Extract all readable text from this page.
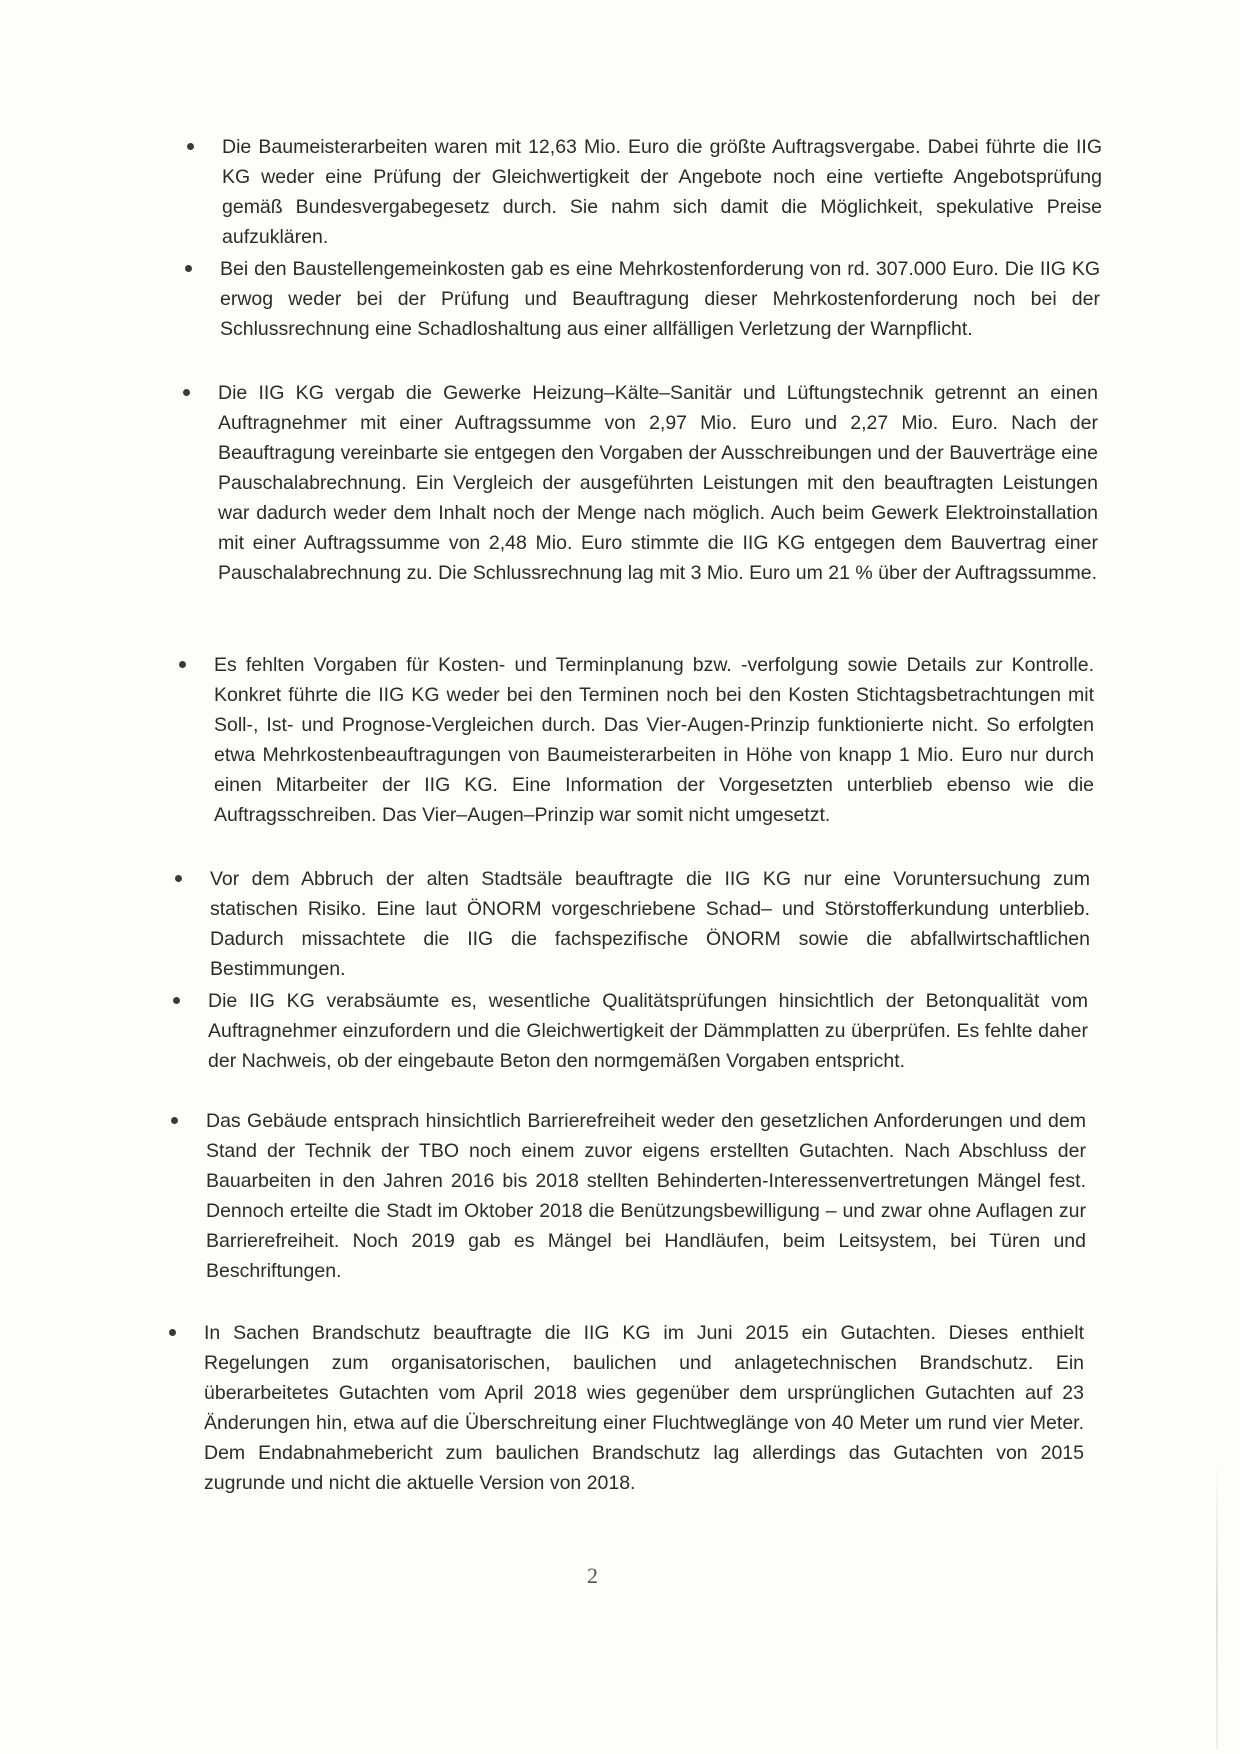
Die Baumeisterarbeiten waren mit 12,63 Mio. Euro die größte Auftragsvergabe. Dabei führte die IIG KG weder eine Prüfung der Gleichwertigkeit der Angebote noch eine vertiefte Angebotsprüfung gemäß Bundesvergabegesetz durch. Sie nahm sich damit die Möglichkeit, spekulative Preise aufzuklären.
Bei den Baustellengemeinkosten gab es eine Mehrkostenforderung von rd. 307.000 Euro. Die IIG KG erwog weder bei der Prüfung und Beauftragung dieser Mehrkostenforderung noch bei der Schlussrechnung eine Schadloshaltung aus einer allfälligen Verletzung der Warnpflicht.
Die IIG KG vergab die Gewerke Heizung–Kälte–Sanitär und Lüftungstechnik getrennt an einen Auftragnehmer mit einer Auftragssumme von 2,97 Mio. Euro und 2,27 Mio. Euro. Nach der Beauftragung vereinbarte sie entgegen den Vorgaben der Ausschreibungen und der Bauverträge eine Pauschalabrechnung. Ein Vergleich der ausgeführten Leistungen mit den beauftragten Leistungen war dadurch weder dem Inhalt noch der Menge nach möglich. Auch beim Gewerk Elektroinstallation mit einer Auftragssumme von 2,48 Mio. Euro stimmte die IIG KG entgegen dem Bauvertrag einer Pauschalabrechnung zu. Die Schlussrechnung lag mit 3 Mio. Euro um 21 % über der Auftragssumme.
Es fehlten Vorgaben für Kosten- und Terminplanung bzw. -verfolgung sowie Details zur Kontrolle. Konkret führte die IIG KG weder bei den Terminen noch bei den Kosten Stichtagsbetrachtungen mit Soll-, Ist- und Prognose-Vergleichen durch. Das Vier-Augen-Prinzip funktionierte nicht. So erfolgten etwa Mehrkostenbeauftragungen von Baumeisterarbeiten in Höhe von knapp 1 Mio. Euro nur durch einen Mitarbeiter der IIG KG. Eine Information der Vorgesetzten unterblieb ebenso wie die Auftragsschreiben. Das Vier–Augen–Prinzip war somit nicht umgesetzt.
Vor dem Abbruch der alten Stadtsäle beauftragte die IIG KG nur eine Voruntersuchung zum statischen Risiko. Eine laut ÖNORM vorgeschriebene Schad– und Störstofferkundung unterblieb. Dadurch missachtete die IIG die fachspezifische ÖNORM sowie die abfallwirtschaftlichen Bestimmungen.
Die IIG KG verabsäumte es, wesentliche Qualitätsprüfungen hinsichtlich der Betonqualität vom Auftragnehmer einzufordern und die Gleichwertigkeit der Dämmplatten zu überprüfen. Es fehlte daher der Nachweis, ob der eingebaute Beton den normgemäßen Vorgaben entspricht.
Das Gebäude entsprach hinsichtlich Barrierefreiheit weder den gesetzlichen Anforderungen und dem Stand der Technik der TBO noch einem zuvor eigens erstellten Gutachten. Nach Abschluss der Bauarbeiten in den Jahren 2016 bis 2018 stellten Behinderten-Interessenvertretungen Mängel fest. Dennoch erteilte die Stadt im Oktober 2018 die Benützungsbewilligung – und zwar ohne Auflagen zur Barrierefreiheit. Noch 2019 gab es Mängel bei Handläufen, beim Leitsystem, bei Türen und Beschriftungen.
In Sachen Brandschutz beauftragte die IIG KG im Juni 2015 ein Gutachten. Dieses enthielt Regelungen zum organisatorischen, baulichen und anlagetechnischen Brandschutz. Ein überarbeitetes Gutachten vom April 2018 wies gegenüber dem ursprünglichen Gutachten auf 23 Änderungen hin, etwa auf die Überschreitung einer Fluchtweglänge von 40 Meter um rund vier Meter. Dem Endabnahmebericht zum baulichen Brandschutz lag allerdings das Gutachten von 2015 zugrunde und nicht die aktuelle Version von 2018.
2
